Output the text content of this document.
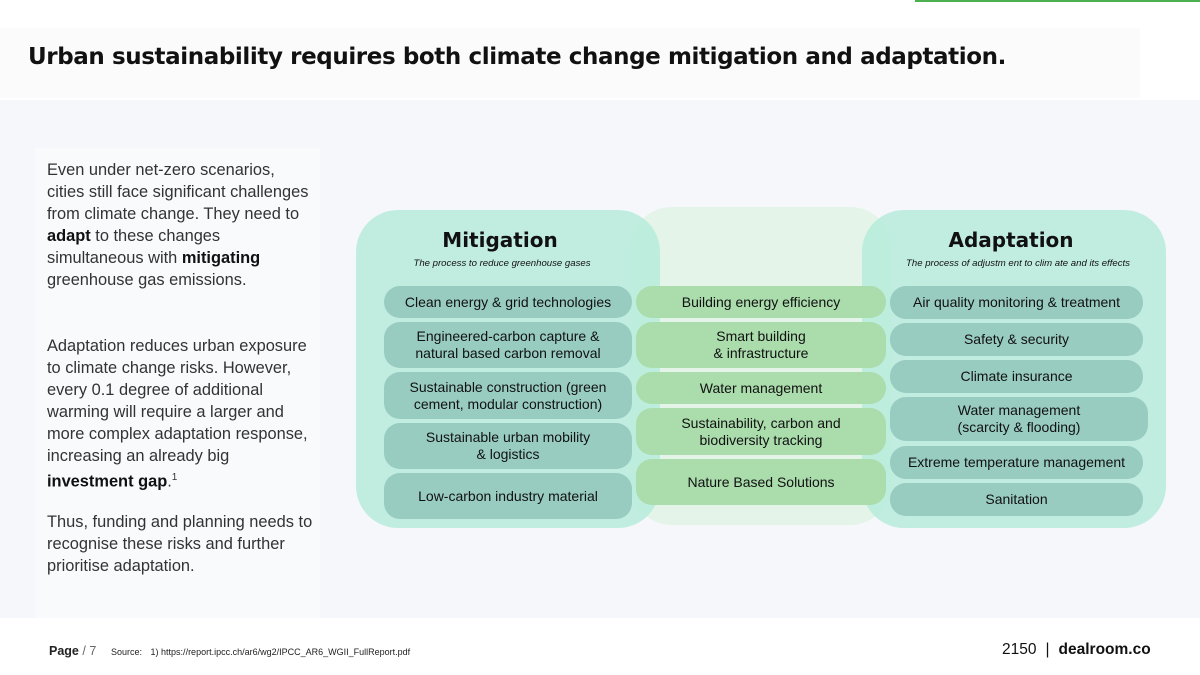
Urban sustainability requires both climate change mitigation and adaptation.

Even under net-zero scenarios, cities still face significant challenges from climate change. They need to adapt to these changes simultaneous with mitigating greenhouse gas emissions.

Adaptation reduces urban exposure to climate change risks. However, every 0.1 degree of additional warming will require a larger and more complex adaptation response, increasing an already big investment gap.$^1$

Thus, funding and planning needs to recognise these risks and further prioritise adaptation.

Mitigation

The process to reduce greenhouse gases

Adaptation

The process of adjustm ent to clim ate and its effects

Clean energy & grid technologies
Engineered-carbon capture &
natural based carbon removal
Sustainable construction (green
cement, modular construction)
Sustainable urban mobility
& logistics
Low-carbon industry material
Building energy efficiency
Smart building
& infrastructure
Water management
Sustainability, carbon and
biodiversity tracking
Nature Based Solutions
Air quality monitoring & treatment
Safety & security
Climate insurance
Water management
(scarcity & flooding)
Extreme temperature management
Sanitation
Page / 7 Source: 1) https://report.ipcc.ch/ar6/wg2/IPCC_AR6_WGII_FullReport.pdf	2150 | dealroom.co
